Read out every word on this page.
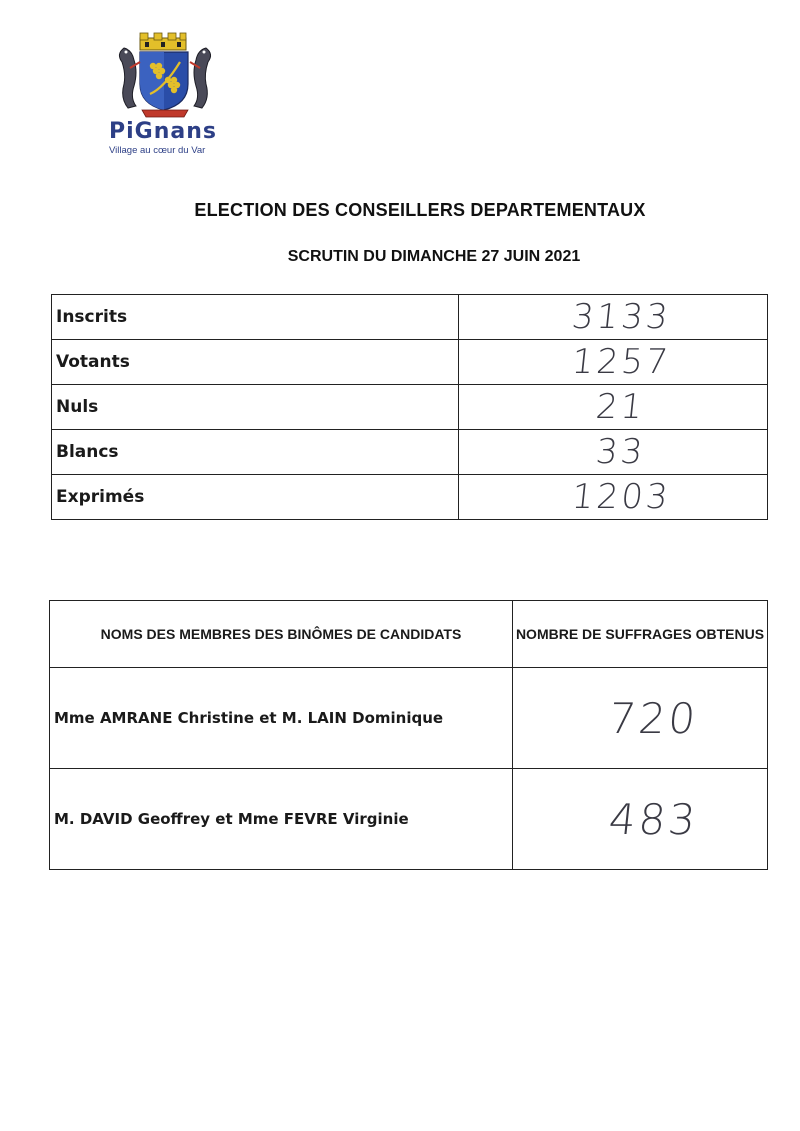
PiGnans
Village au cœur du Var
ELECTION DES CONSEILLERS DEPARTEMENTAUX
SCRUTIN DU DIMANCHE 27 JUIN 2021
Inscrits	3133
Votants	1257
Nuls	21
Blancs	33
Exprimés	1203
NOMS DES MEMBRES DES BINÔMES DE CANDIDATS	NOMBRE DE SUFFRAGES OBTENUS
Mme AMRANE Christine et M. LAIN Dominique	720
M. DAVID Geoffrey et Mme FEVRE Virginie	483
